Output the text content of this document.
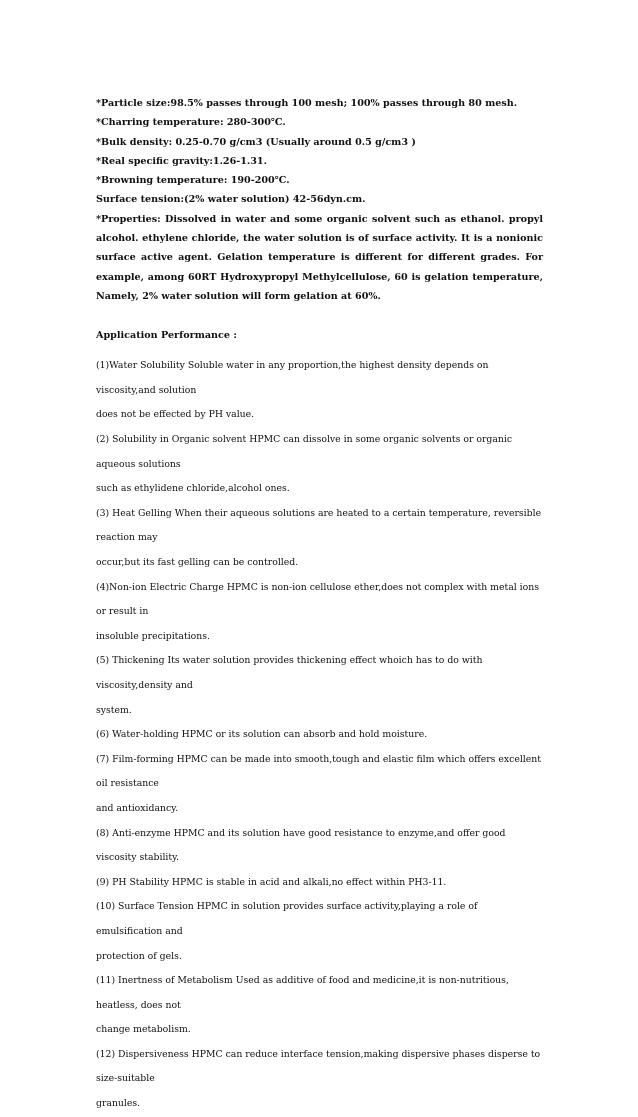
*Particle size:98.5% passes through 100 mesh; 100% passes through 80 mesh.

*Charring temperature: 280-300℃.

*Bulk density: 0.25-0.70 g/cm3 (Usually around 0.5 g/cm3 )

*Real specific gravity:1.26-1.31.

*Browning temperature: 190-200℃.

Surface tension:(2% water solution) 42-56dyn.cm.

*Properties: Dissolved in water and some organic solvent such as ethanol. propyl alcohol. ethylene chloride, the water solution is of surface activity. It is a nonionic surface active agent. Gelation temperature is different for different grades. For example, among 60RT Hydroxypropyl Methylcellulose, 60 is gelation temperature, Namely, 2% water solution will form gelation at 60%.

Application Performance :

(1)Water Solubility Soluble water in any proportion,the highest density depends on viscosity,and solution

does not be effected by PH value.

(2) Solubility in Organic solvent HPMC can dissolve in some organic solvents or organic aqueous solutions

such as ethylidene chloride,alcohol ones.

(3) Heat Gelling When their aqueous solutions are heated to a certain temperature, reversible reaction may

occur,but its fast gelling can be controlled.

(4)Non-ion Electric Charge HPMC is non-ion cellulose ether,does not complex with metal ions or result in

insoluble precipitations.

(5) Thickening Its water solution provides thickening effect whoich has to do with viscosity,density and

system.

(6) Water-holding HPMC or its solution can absorb and hold moisture.

(7) Film-forming HPMC can be made into smooth,tough and elastic film which offers excellent oil resistance

and antioxidancy.

(8) Anti-enzyme HPMC and its solution have good resistance to enzyme,and offer good viscosity stability.

(9) PH Stability HPMC is stable in acid and alkali,no effect within PH3-11.

(10) Surface Tension HPMC in solution provides surface activity,playing a role of emulsification and

protection of gels.

(11) Inertness of Metabolism Used as additive of food and medicine,it is non-nutritious, heatless, does not

change metabolism.

(12) Dispersiveness HPMC can reduce interface tension,making dispersive phases disperse to size-suitable

granules.
